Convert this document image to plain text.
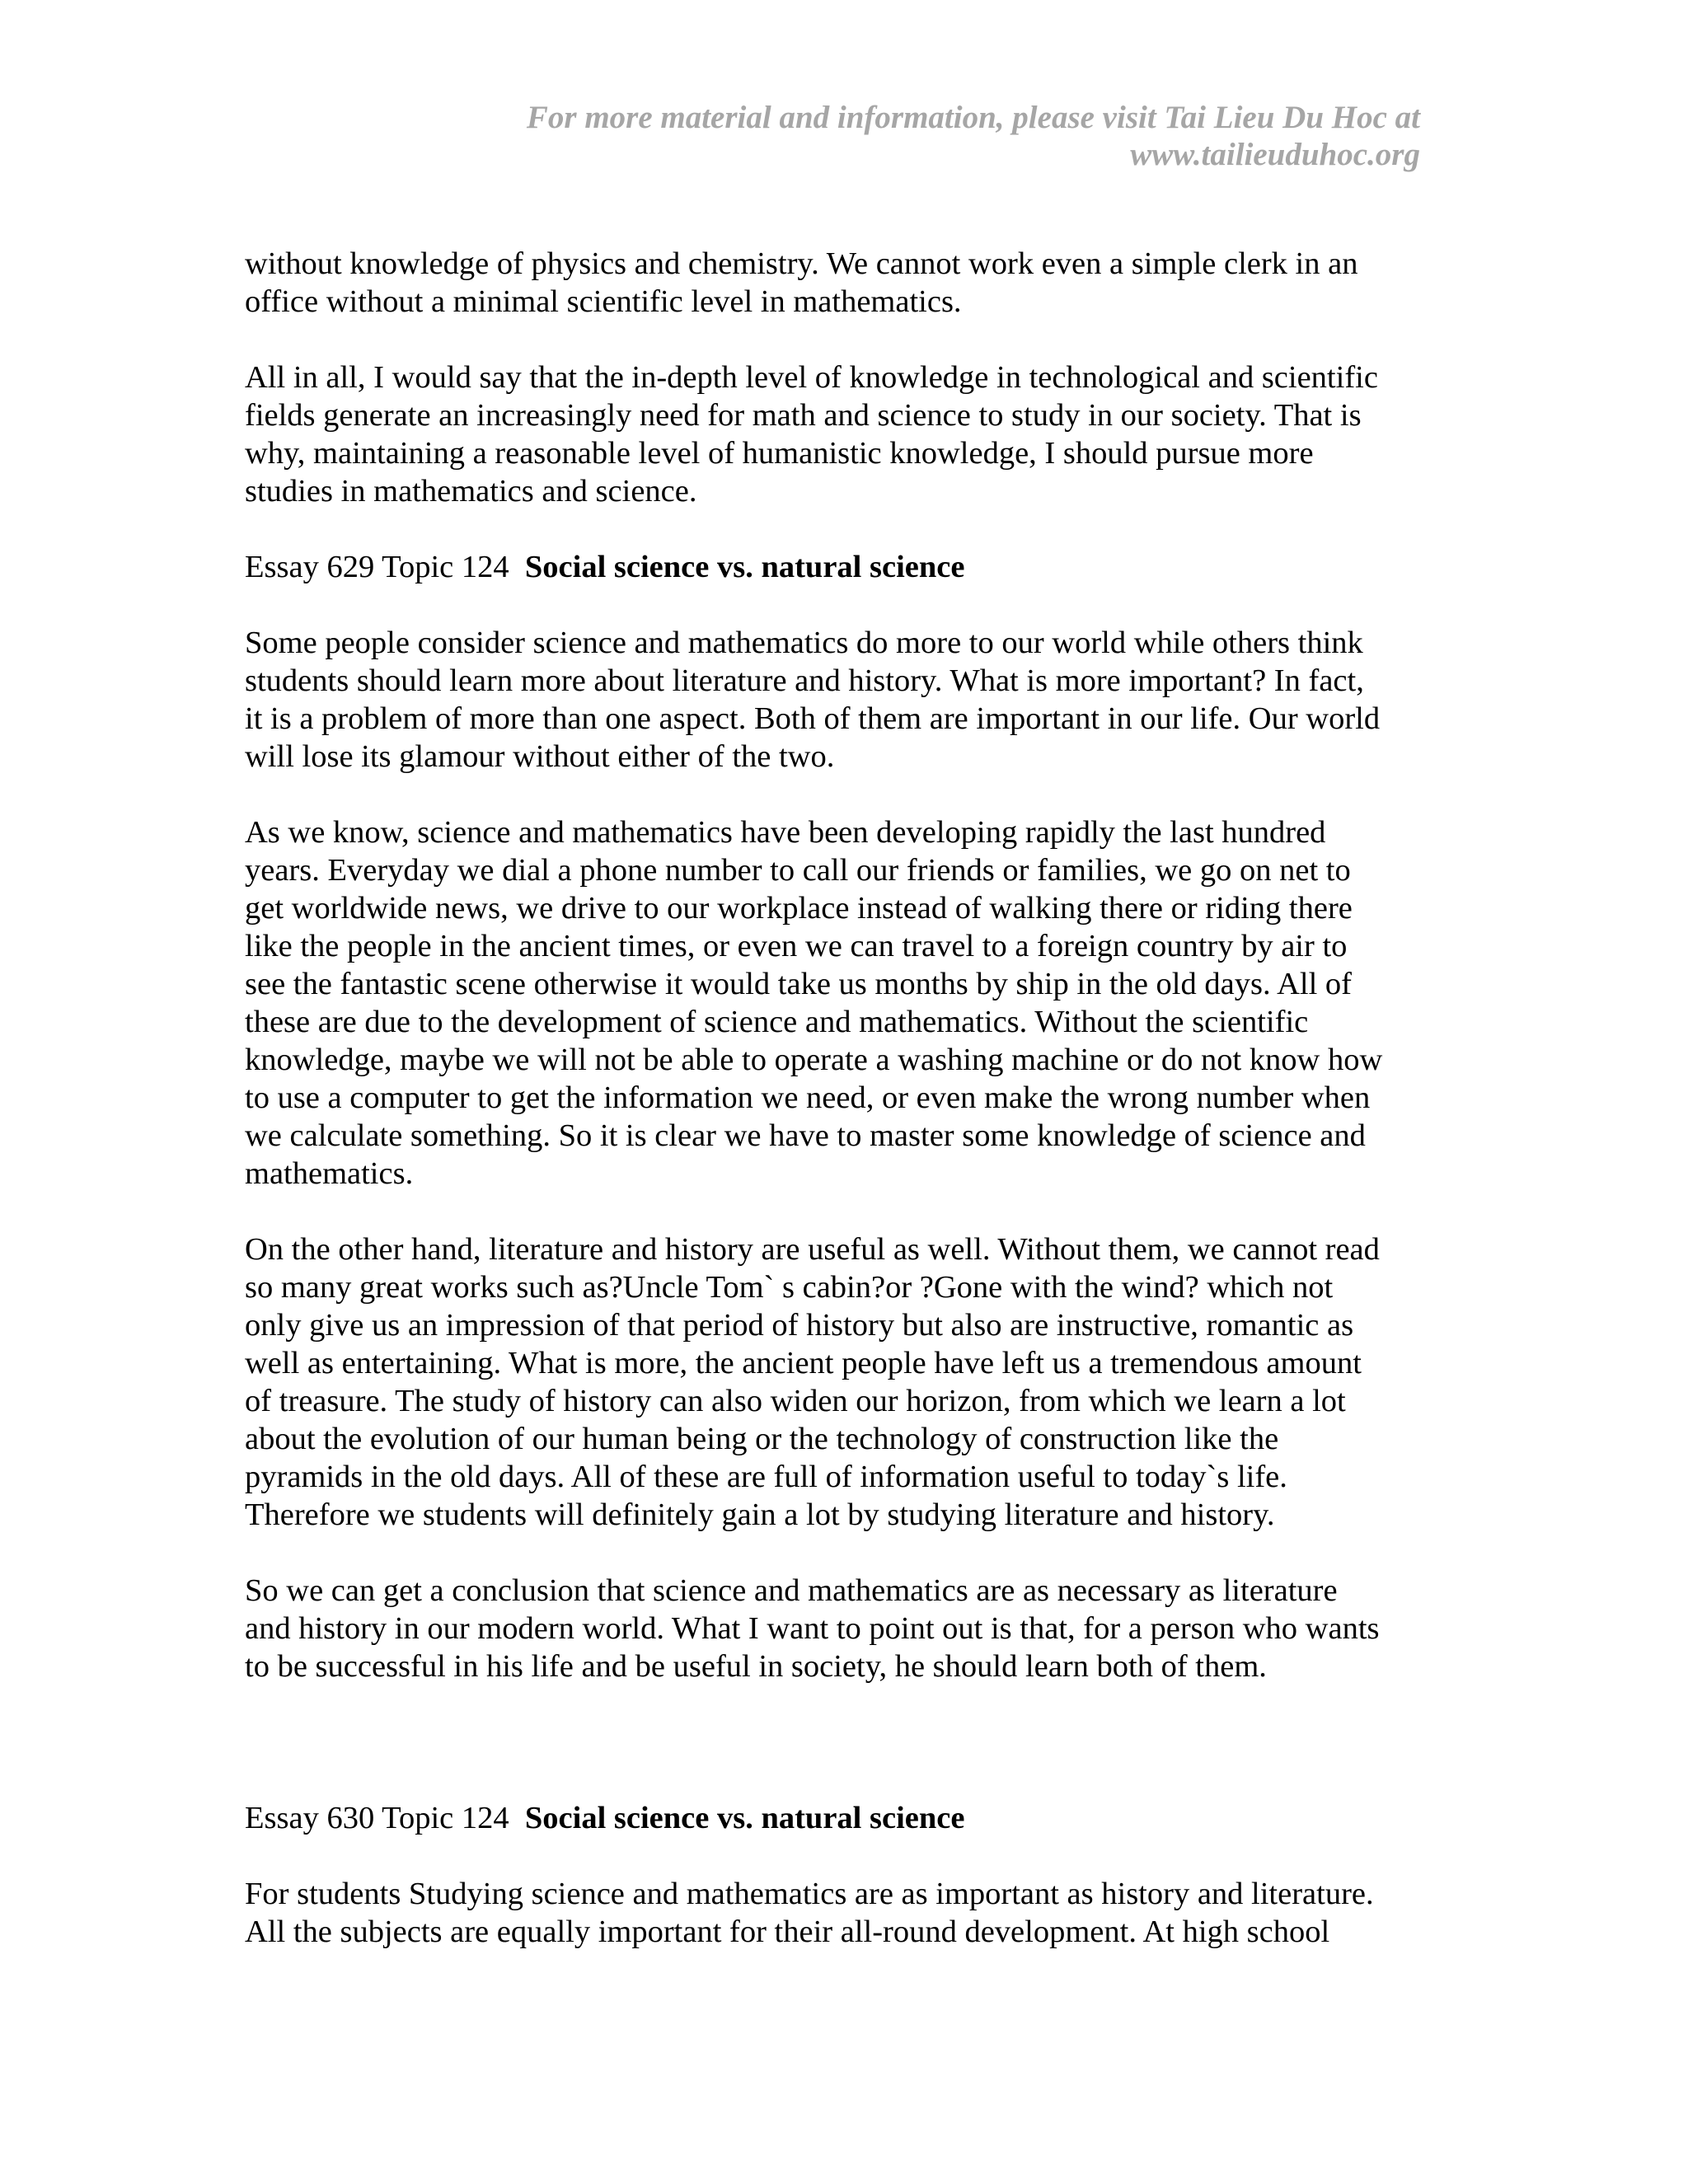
For more material and information, please visit Tai Lieu Du Hoc at
www.tailieuduhoc.org

without knowledge of physics and chemistry. We cannot work even a simple clerk in an
office without a minimal scientific level in mathematics.

All in all, I would say that the in-depth level of knowledge in technological and scientific
fields generate an increasingly need for math and science to study in our society. That is
why, maintaining a reasonable level of humanistic knowledge, I should pursue more
studies in mathematics and science.

Essay 629 Topic 124 Social science vs. natural science

Some people consider science and mathematics do more to our world while others think
students should learn more about literature and history. What is more important? In fact,
it is a problem of more than one aspect. Both of them are important in our life. Our world
will lose its glamour without either of the two.

As we know, science and mathematics have been developing rapidly the last hundred
years. Everyday we dial a phone number to call our friends or families, we go on net to
get worldwide news, we drive to our workplace instead of walking there or riding there
like the people in the ancient times, or even we can travel to a foreign country by air to
see the fantastic scene otherwise it would take us months by ship in the old days. All of
these are due to the development of science and mathematics. Without the scientific
knowledge, maybe we will not be able to operate a washing machine or do not know how
to use a computer to get the information we need, or even make the wrong number when
we calculate something. So it is clear we have to master some knowledge of science and
mathematics.

On the other hand, literature and history are useful as well. Without them, we cannot read
so many great works such as?Uncle Tom` s cabin?or ?Gone with the wind? which not
only give us an impression of that period of history but also are instructive, romantic as
well as entertaining. What is more, the ancient people have left us a tremendous amount
of treasure. The study of history can also widen our horizon, from which we learn a lot
about the evolution of our human being or the technology of construction like the
pyramids in the old days. All of these are full of information useful to today`s life.
Therefore we students will definitely gain a lot by studying literature and history.

So we can get a conclusion that science and mathematics are as necessary as literature
and history in our modern world. What I want to point out is that, for a person who wants
to be successful in his life and be useful in society, he should learn both of them.

Essay 630 Topic 124 Social science vs. natural science

For students Studying science and mathematics are as important as history and literature.
All the subjects are equally important for their all-round development. At high school
